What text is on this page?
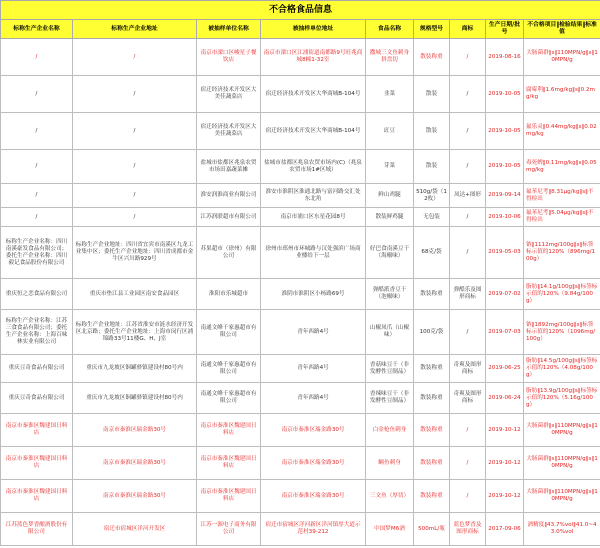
不合格食品信息								
标称生产企业名称	标称生产企业地址	被抽样单位名称	被抽样单位地址	食品名称	规格型号	商标	生产日期/批号	不合格项目‖检验结果‖标准值
/	/	南京市溧口区峻星子餐饮店	南京市溧口区江浦街道南都路9号旺兆商城8幢1-32室	撒城三文鱼刺身拼盘切	散装称重	/	2019-08-16	大肠菌群‖s‖110MPN/g‖s‖10MPN/g
/	/	宿迁经济技术开发区大美佳蔬菜店	宿迁经济技术开发区大华商城B-104号	韭菜	散装	/	2019-10-05	腐霉利‖1.6mg/kg‖s‖0.2mg/kg
/	/	宿迁经济技术开发区大美佳蔬菜店	宿迁经济技术开发区大华商城B-104号	豇豆	散装	/	2019-10-05	氟乐灵‖0.44mg/kg‖s‖0.02mg/kg
/	/	盐城市盐都区兆泉农贸市场田嘉蔬菜摊	盐城市盐都区兆泉农贸市场内(C)（兆泉农贸市场1#区域）	芽菜	散装	/	2019-10-05	毒死蜱‖0.11mg/kg‖s‖0.05mg/kg
/	/	淮安润淮商业有限公司	淮安市淮阴区淮通北路与富河路交汇处东北角	鲜山鸡腿	510g/袋（12枚）	凤达+图形	2019-09-14	氟苯尼考‖8.31μg/kg‖s‖不得检出
/	/	江苏润联超市有限公司	南京市浦口区东星花园8号	散装鲜鸡腿	无包装	/	2019-10-06	氟苯尼考‖5.04μg/kg‖s‖不得检出
标称生产企业名称：四川南溪豪发食品有限公司；委托生产企业名称：四川毅记食品股份有限公司	标称生产企业地址：四川省宜宾市南溪区九龙工业集中区；委托生产企业地址：四川省成都市金牛区兴川路929号	苏果超市（徐州）有限公司	徐州市邳州市环城路与汉处强滨广场商业楼给下一层	好巴食南溪豆干（海椒味）	68克/袋	/	2019-05-03	钠‖1112mg/100g‖s‖标签标示值的120%（896mg/100g）
重庆恒之恋食品有限公司	重庆市垫江县工业园区南安食品园区	淮阳市乐城超市	淮阴市淮阴区小杨路69号	弹酷派香豆干（泡椒味）	散装称重	弹酷乐及图形商标	2019-07-02	脂肪‖14.1g/100g‖s‖标签标示值的120%（9.84g/100g）
标称生产企业名称：江苏三食食品有限公司；委托生产企业名称：上海百味林实业有限公司	标称生产企业地址：江苏省淮安市涟水经济开发区北京路；委托生产企业地址：上海市闵行区浦锦路33号11楼G、H、J室	南通文峰千家惠超市有限公司	青年西路4号	山椒凤爪（山椒味）	100克/袋	/	2019-07-03	钠‖1892mg/100g‖s‖标签标示值的120%（1096mg/100g）
重庆豆奇食品有限公司	重庆市九龙坡区铜罐驿镇建设村80号内	南通文峰千家惠超市有限公司	青年西路4号	香菇味豆干（非发酵性豆制品）	散装称重	奇爽及图形商标	2019-06-25	脂肪‖14.5g/100g‖s‖标签标示值的120%（4.08g/100g）
重庆豆奇食品有限公司	重庆市九龙坡区铜罐驿镇建设村80号内	南通文峰千家惠超市有限公司	青年西路4号	香辣味豆干（非发酵性豆制品）	散装称重	奇爽及图形商标	2019-06-24	脂肪‖13.9g/100g‖s‖标签标示值的120%（5.16g/100g）
南京市秦淮区魏建国日料店	南京市秦淮区瑞金路30号	南京市秦淮区魏建国日料店	南京市秦淮区瑞金路30号	白金枪鱼刺身	散装称重	/	2019-10-12	大肠菌群‖s‖110MPN/g‖s‖10MPN/g
南京市秦淮区魏建国日料店	南京市秦淮区瑞金路30号	南京市秦淮区魏建国日料店	南京市秦淮区瑞金路30号	鲷鱼刺身	散装称重	/	2019-10-12	大肠菌群‖s‖110MPN/g‖s‖10MPN/g
南京市秦淮区魏建国日料店	南京市秦淮区瑞金路30号	南京市秦淮区魏建国日料店	南京市秦淮区瑞金路30号	三文鱼（厚切）	散装称重	/	2019-10-12	大肠菌群‖s‖110MPN/g‖s‖10MPN/g
江苏蓝色梦香酿酒股份有限公司	宿迁市宿城区洋河开发区	江苏一源电子商务有限公司	宿迁市宿城区洋河新区洋河镇厚大道示范村39-212	中国梦M6酒	500mL/瓶	蓝色梦香及图形商标	2017-09-06	酒精度‖43.7%vol‖41.0~43.0%vol
